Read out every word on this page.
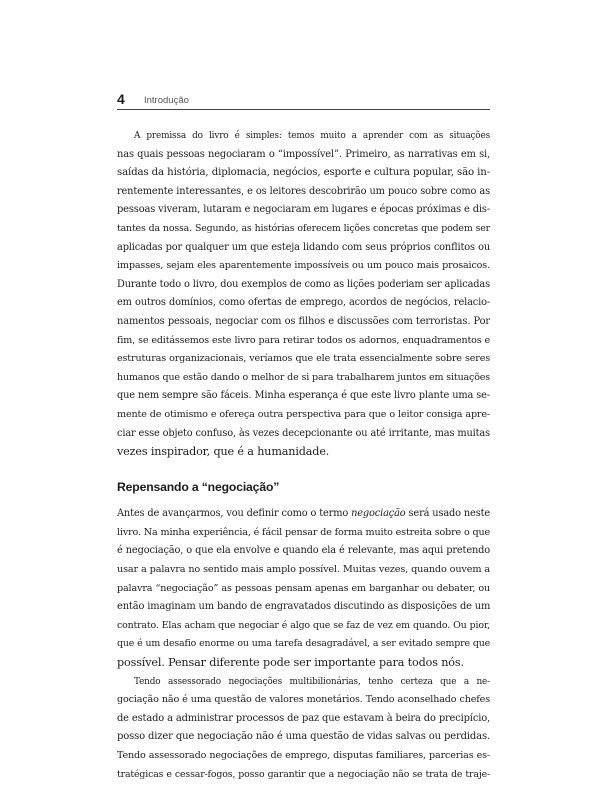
4 Introdução

A premissa do livro é simples: temos muito a aprender com as situações
nas quais pessoas negociaram o “impossível”. Primeiro, as narrativas em si,
saídas da história, diplomacia, negócios, esporte e cultura popular, são in-
rentemente interessantes, e os leitores descobrirão um pouco sobre como as
pessoas viveram, lutaram e negociaram em lugares e épocas próximas e dis-
tantes da nossa. Segundo, as histórias oferecem lições concretas que podem ser
aplicadas por qualquer um que esteja lidando com seus próprios conflitos ou
impasses, sejam eles aparentemente impossíveis ou um pouco mais prosaicos.
Durante todo o livro, dou exemplos de como as lições poderiam ser aplicadas
em outros domínios, como ofertas de emprego, acordos de negócios, relacio-
namentos pessoais, negociar com os filhos e discussões com terroristas. Por
fim, se editássemos este livro para retirar todos os adornos, enquadramentos e
estruturas organizacionais, veríamos que ele trata essencialmente sobre seres
humanos que estão dando o melhor de si para trabalharem juntos em situações
que nem sempre são fáceis. Minha esperança é que este livro plante uma se-
mente de otimismo e ofereça outra perspectiva para que o leitor consiga apre-
ciar esse objeto confuso, às vezes decepcionante ou até irritante, mas muitas
vezes inspirador, que é a humanidade.

Repensando a “negociação”

Antes de avançarmos, vou definir como o termo negociação será usado neste
livro. Na minha experiência, é fácil pensar de forma muito estreita sobre o que
é negociação, o que ela envolve e quando ela é relevante, mas aqui pretendo
usar a palavra no sentido mais amplo possível. Muitas vezes, quando ouvem a
palavra “negociação” as pessoas pensam apenas em barganhar ou debater, ou
então imaginam um bando de engravatados discutindo as disposições de um
contrato. Elas acham que negociar é algo que se faz de vez em quando. Ou pior,
que é um desafio enorme ou uma tarefa desagradável, a ser evitado sempre que
possível. Pensar diferente pode ser importante para todos nós.

Tendo assessorado negociações multibilionárias, tenho certeza que a ne-
gociação não é uma questão de valores monetários. Tendo aconselhado chefes
de estado a administrar processos de paz que estavam à beira do precipício,
posso dizer que negociação não é uma questão de vidas salvas ou perdidas.
Tendo assessorado negociações de emprego, disputas familiares, parcerias es-
tratégicas e cessar-fogos, posso garantir que a negociação não se trata de traje-
